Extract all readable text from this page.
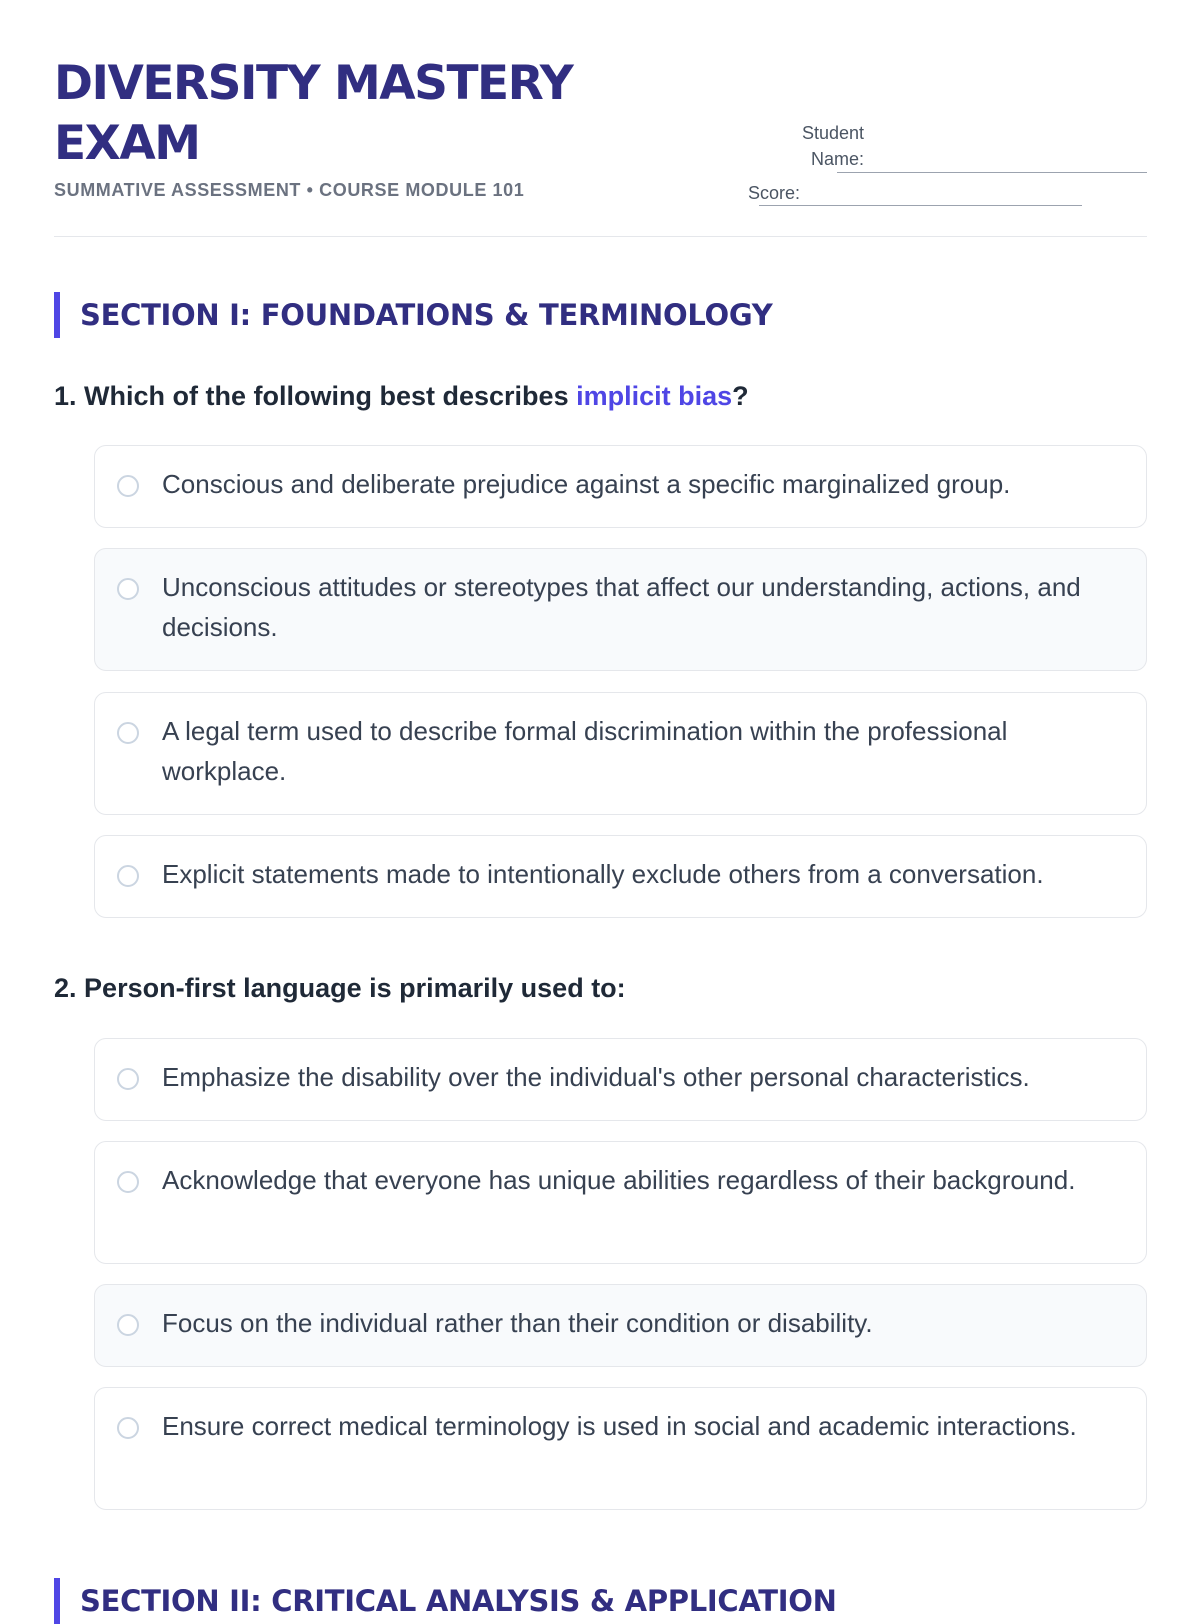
DIVERSITY MASTERY EXAM
SUMMATIVE ASSESSMENT • COURSE MODULE 101
Student Name:
Score:
SECTION I: FOUNDATIONS & TERMINOLOGY
1. Which of the following best describes implicit bias?
Conscious and deliberate prejudice against a specific marginalized group.
Unconscious attitudes or stereotypes that affect our understanding, actions, and decisions.
A legal term used to describe formal discrimination within the professional workplace.
Explicit statements made to intentionally exclude others from a conversation.
2. Person-first language is primarily used to:
Emphasize the disability over the individual's other personal characteristics.
Acknowledge that everyone has unique abilities regardless of their background.
Focus on the individual rather than their condition or disability.
Ensure correct medical terminology is used in social and academic interactions.
SECTION II: CRITICAL ANALYSIS & APPLICATION
